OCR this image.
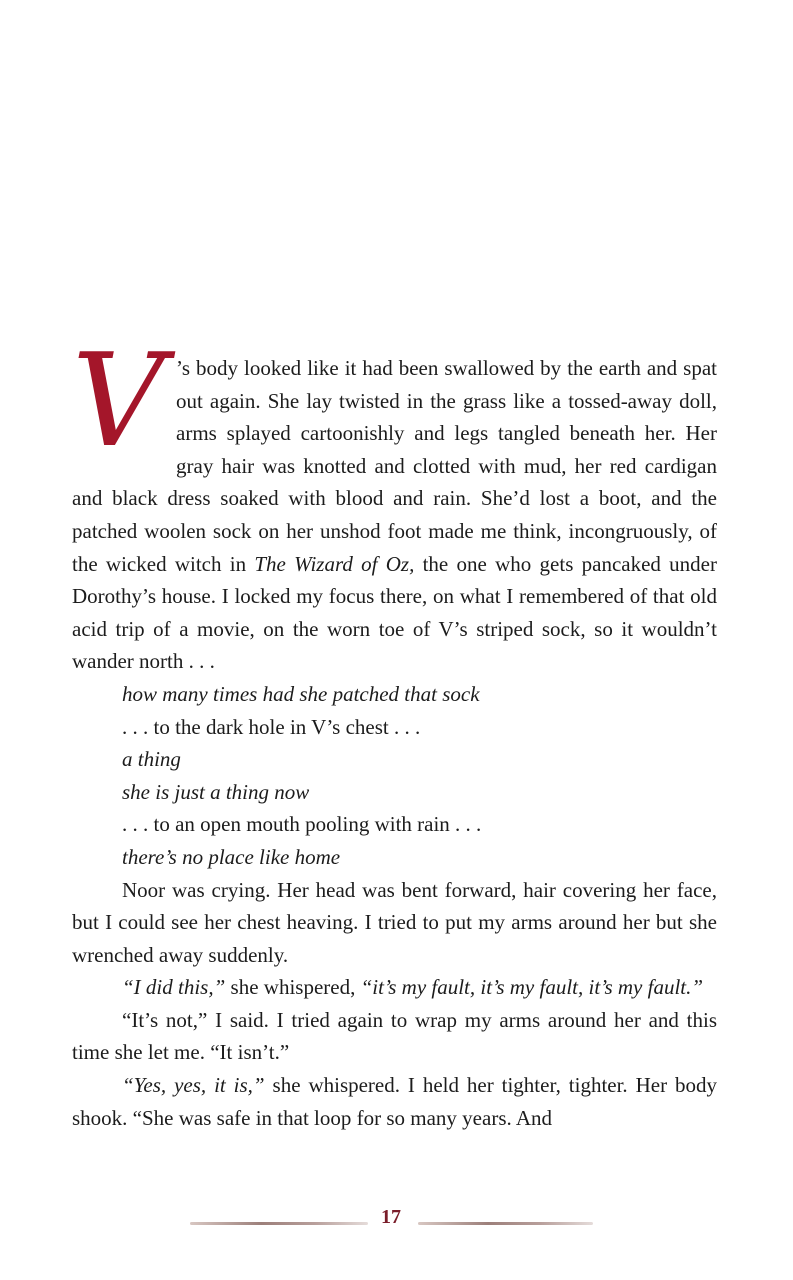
V ’s body looked like it had been swallowed by the earth and spat out again. She lay twisted in the grass like a tossed-away doll, arms splayed cartoonishly and legs tangled beneath her. Her gray hair was knotted and clotted with mud, her red cardigan and black dress soaked with blood and rain. She’d lost a boot, and the patched woolen sock on her unshod foot made me think, incongruously, of the wicked witch in The Wizard of Oz, the one who gets pancaked under Dorothy’s house. I locked my focus there, on what I remembered of that old acid trip of a movie, on the worn toe of V’s striped sock, so it wouldn’t wander north . . .

how many times had she patched that sock

. . . to the dark hole in V’s chest . . .

a thing

she is just a thing now

. . . to an open mouth pooling with rain . . .

there’s no place like home

Noor was crying. Her head was bent forward, hair covering her face, but I could see her chest heaving. I tried to put my arms around her but she wrenched away suddenly.

“I did this,” she whispered, “it’s my fault, it’s my fault, it’s my fault.”

“It’s not,” I said. I tried again to wrap my arms around her and this time she let me. “It isn’t.”

“Yes, yes, it is,” she whispered. I held her tighter, tighter. Her body shook. “She was safe in that loop for so many years. And

17
